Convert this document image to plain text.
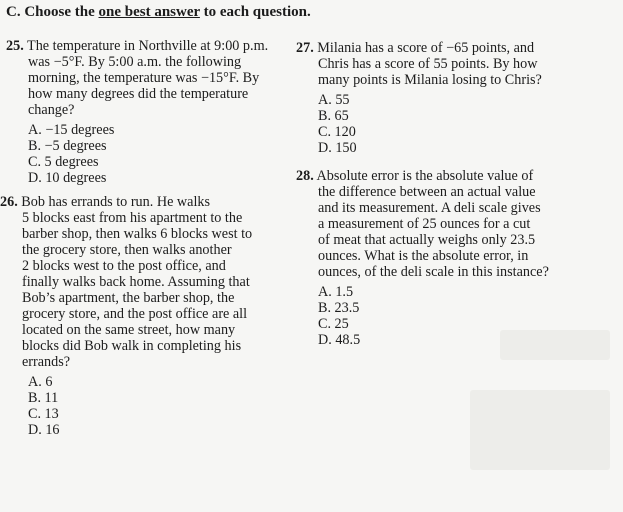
C. Choose the one best answer to each question.
25. The temperature in Northville at 9:00 p.m.
was −5°F. By 5:00 a.m. the following
morning, the temperature was −15°F. By
how many degrees did the temperature
change?
A. −15 degrees
B. −5 degrees
C. 5 degrees
D. 10 degrees
26. Bob has errands to run. He walks
5 blocks east from his apartment to the
barber shop, then walks 6 blocks west to
the grocery store, then walks another
2 blocks west to the post office, and
finally walks back home. Assuming that
Bob’s apartment, the barber shop, the
grocery store, and the post office are all
located on the same street, how many
blocks did Bob walk in completing his
errands?
A. 6
B. 11
C. 13
D. 16
27. Milania has a score of −65 points, and
Chris has a score of 55 points. By how
many points is Milania losing to Chris?
A. 55
B. 65
C. 120
D. 150
28. Absolute error is the absolute value of
the difference between an actual value
and its measurement. A deli scale gives
a measurement of 25 ounces for a cut
of meat that actually weighs only 23.5
ounces. What is the absolute error, in
ounces, of the deli scale in this instance?
A. 1.5
B. 23.5
C. 25
D. 48.5
